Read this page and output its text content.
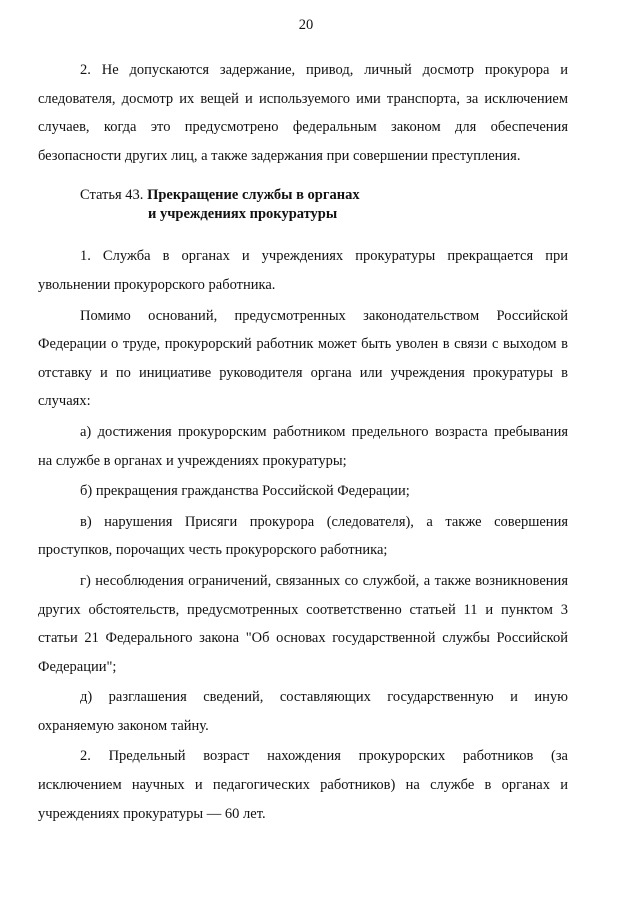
20

2. Не допускаются задержание, привод, личный досмотр прокурора и следователя, досмотр их вещей и используемого ими транспорта, за исключением случаев, когда это предусмотрено федеральным законом для обеспечения безопасности других лиц, а также задержания при совершении преступления.

Статья 43. Прекращение службы в органах
и учреждениях прокуратуры

1. Служба в органах и учреждениях прокуратуры прекращается при увольнении прокурорского работника.

Помимо оснований, предусмотренных законодательством Российской Федерации о труде, прокурорский работник может быть уволен в связи с выходом в отставку и по инициативе руководителя органа или учреждения прокуратуры в случаях:

а) достижения прокурорским работником предельного возраста пребывания на службе в органах и учреждениях прокуратуры;

б) прекращения гражданства Российской Федерации;

в) нарушения Присяги прокурора (следователя), а также совершения проступков, порочащих честь прокурорского работника;

г) несоблюдения ограничений, связанных со службой, а также возникновения других обстоятельств, предусмотренных соответственно статьей 11 и пунктом 3 статьи 21 Федерального закона "Об основах государственной службы Российской Федерации";

д) разглашения сведений, составляющих государственную и иную охраняемую законом тайну.

2. Предельный возраст нахождения прокурорских работников (за исключением научных и педагогических работников) на службе в органах и учреждениях прокуратуры — 60 лет.
